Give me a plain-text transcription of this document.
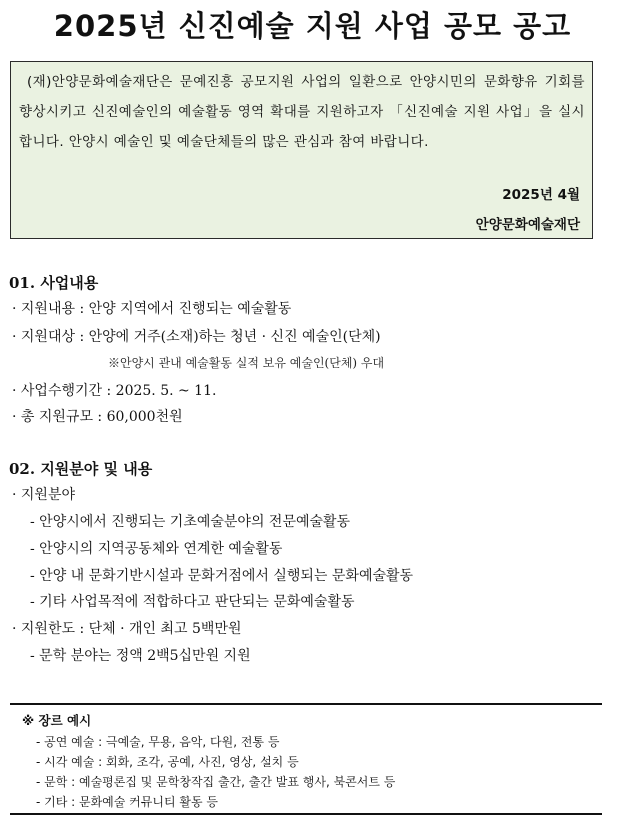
2025년 신진예술 지원 사업 공모 공고
(재)안양문화예술재단은 문예진흥 공모지원 사업의 일환으로 안양시민의 문화향유 기회를 향상시키고 신진예술인의 예술활동 영역 확대를 지원하고자 「신진예술 지원 사업」을 실시합니다. 안양시 예술인 및 예술단체들의 많은 관심과 참여 바랍니다.
2025년 4월
안양문화예술재단
01. 사업내용
· 지원내용 : 안양 지역에서 진행되는 예술활동
· 지원대상 : 안양에 거주(소재)하는 청년 · 신진 예술인(단체)
※안양시 관내 예술활동 실적 보유 예술인(단체) 우대
· 사업수행기간 : 2025. 5. ~ 11.
· 총 지원규모 : 60,000천원
02. 지원분야 및 내용
· 지원분야
- 안양시에서 진행되는 기초예술분야의 전문예술활동
- 안양시의 지역공동체와 연계한 예술활동
- 안양 내 문화기반시설과 문화거점에서 실행되는 문화예술활동
- 기타 사업목적에 적합하다고 판단되는 문화예술활동
· 지원한도 : 단체 · 개인 최고 5백만원
- 문학 분야는 정액 2백5십만원 지원
※ 장르 예시
- 공연 예술 : 극예술, 무용, 음악, 다원, 전통 등
- 시각 예술 : 회화, 조각, 공예, 사진, 영상, 설치 등
- 문학 : 예술평론집 및 문학창작집 출간, 출간 발표 행사, 북콘서트 등
- 기타 : 문화예술 커뮤니티 활동 등
